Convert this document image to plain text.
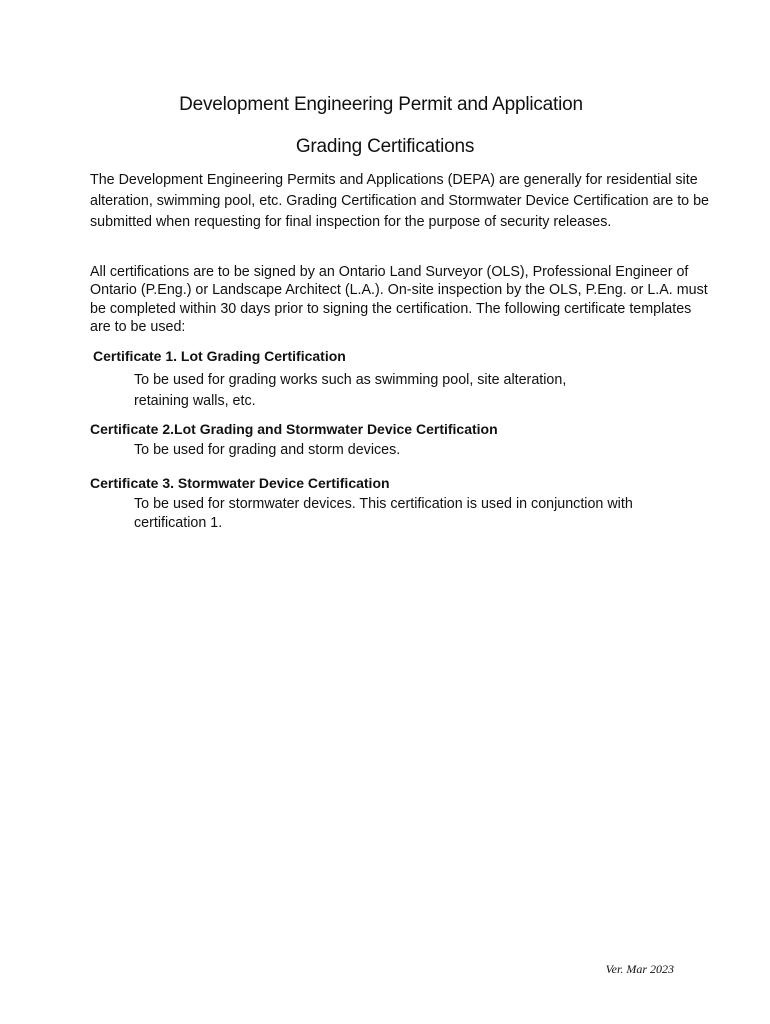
Development Engineering Permit and Application
Grading Certifications
The Development Engineering Permits and Applications (DEPA) are generally for residential site alteration, swimming pool, etc. Grading Certification and Stormwater Device Certification are to be submitted when requesting for final inspection for the purpose of security releases.
All certifications are to be signed by an Ontario Land Surveyor (OLS), Professional Engineer of Ontario (P.Eng.) or Landscape Architect (L.A.). On-site inspection by the OLS, P.Eng. or L.A. must be completed within 30 days prior to signing the certification. The following certificate templates are to be used:
Certificate 1. Lot Grading Certification
To be used for grading works such as swimming pool, site alteration, retaining walls, etc.
Certificate 2.Lot Grading and Stormwater Device Certification
To be used for grading and storm devices.
Certificate 3. Stormwater Device Certification
To be used for stormwater devices. This certification is used in conjunction with certification 1.
Ver. Mar 2023
